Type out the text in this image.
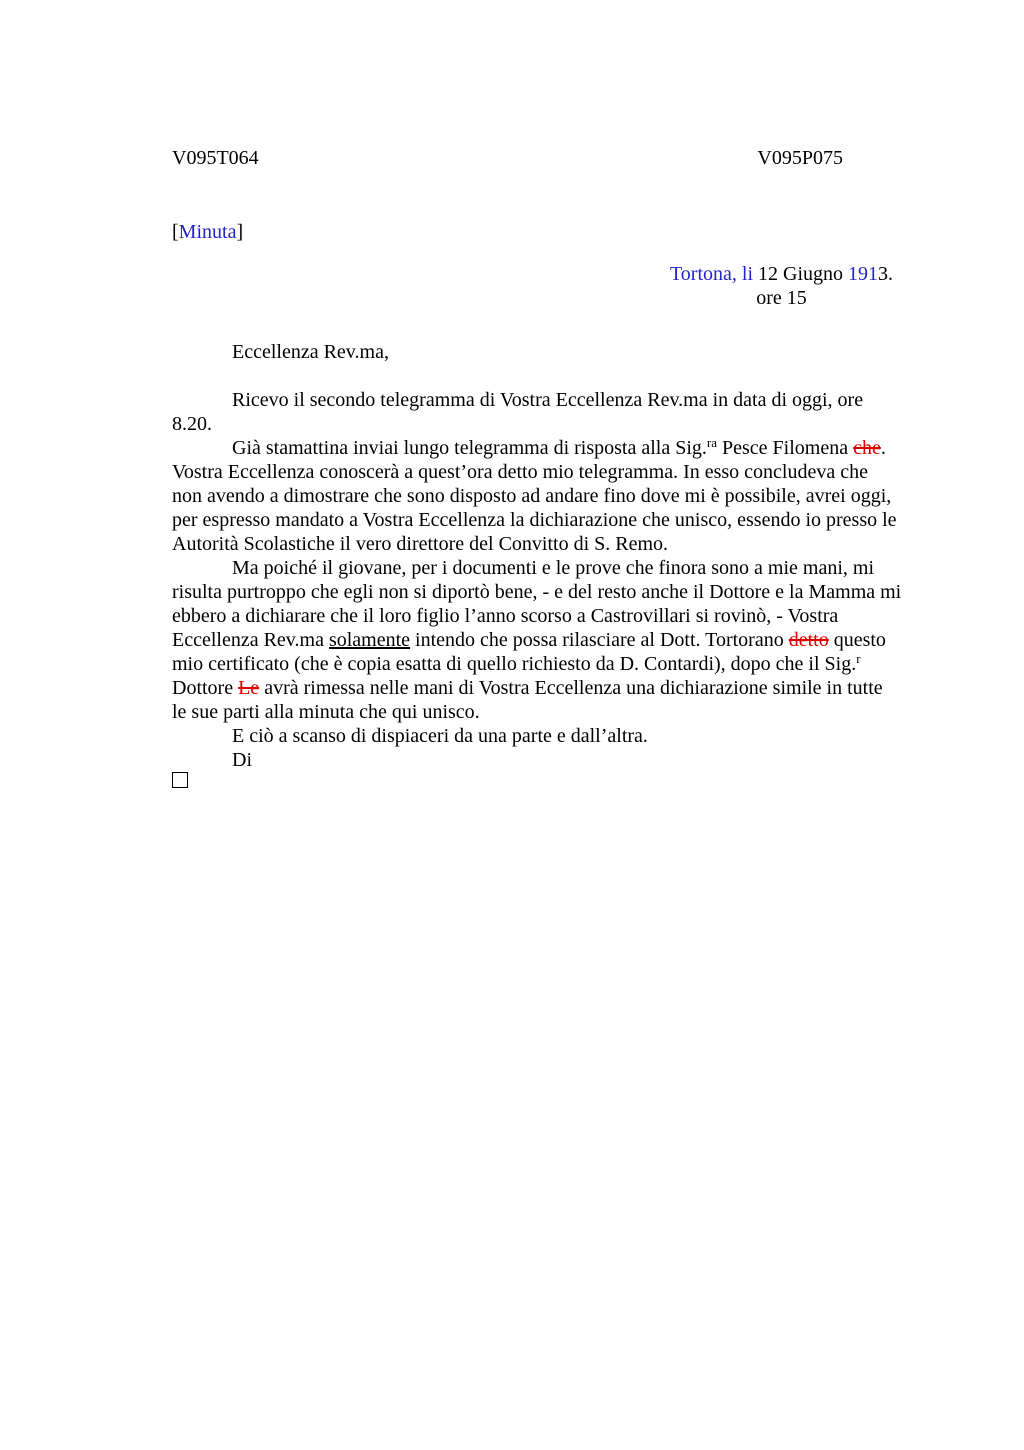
V095T064	V095P075
[Minuta]
Tortona, li 12 Giugno 1913.
ore 15
Eccellenza Rev.ma,
Ricevo il secondo telegramma di Vostra Eccellenza Rev.ma in data di oggi, ore
8.20.
Già stamattina inviai lungo telegramma di risposta alla Sig.$^{ra}$ Pesce Filomena che.
Vostra Eccellenza conoscerà a quest’ora detto mio telegramma. In esso concludeva che
non avendo a dimostrare che sono disposto ad andare fino dove mi è possibile, avrei oggi,
per espresso mandato a Vostra Eccellenza la dichiarazione che unisco, essendo io presso le
Autorità Scolastiche il vero direttore del Convitto di S. Remo.
Ma poiché il giovane, per i documenti e le prove che finora sono a mie mani, mi
risulta purtroppo che egli non si diportò bene, - e del resto anche il Dottore e la Mamma mi
ebbero a dichiarare che il loro figlio l’anno scorso a Castrovillari si rovinò, - Vostra
Eccellenza Rev.ma solamente intendo che possa rilasciare al Dott. Tortorano detto questo
mio certificato (che è copia esatta di quello richiesto da D. Contardi), dopo che il Sig.$^r$
Dottore Le avrà rimessa nelle mani di Vostra Eccellenza una dichiarazione simile in tutte
le sue parti alla minuta che qui unisco.
E ciò a scanso di dispiaceri da una parte e dall’altra.
Di
